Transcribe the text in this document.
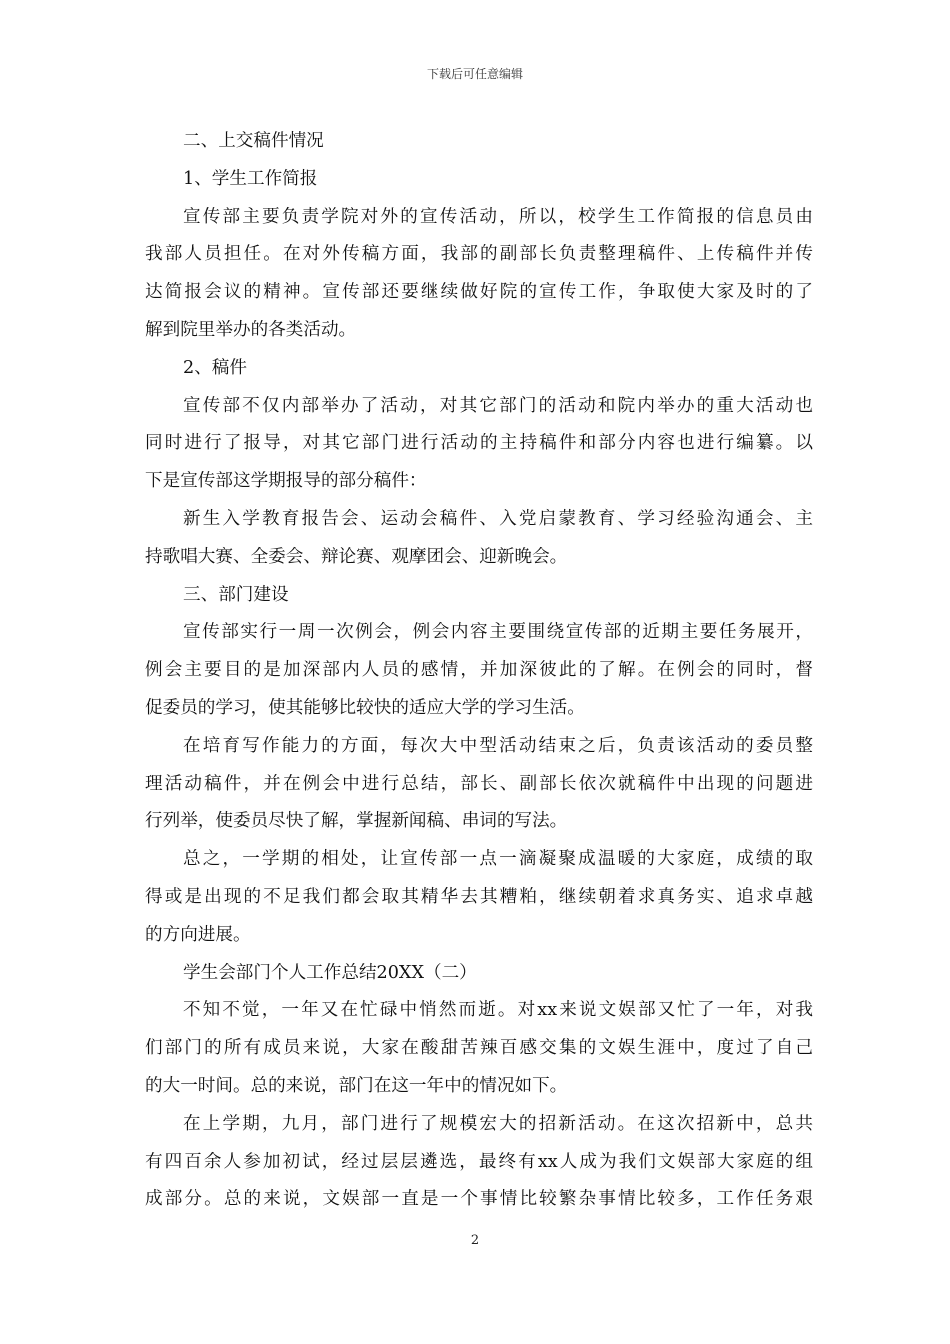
下载后可任意编辑
二、上交稿件情况
1、学生工作简报
宣传部主要负责学院对外的宣传活动，所以，校学生工作简报的信息员由
我部人员担任。在对外传稿方面，我部的副部长负责整理稿件、上传稿件并传
达简报会议的精神。宣传部还要继续做好院的宣传工作，争取使大家及时的了
解到院里举办的各类活动。
2、稿件
宣传部不仅内部举办了活动，对其它部门的活动和院内举办的重大活动也
同时进行了报导，对其它部门进行活动的主持稿件和部分内容也进行编纂。以
下是宣传部这学期报导的部分稿件：
新生入学教育报告会、运动会稿件、入党启蒙教育、学习经验沟通会、主
持歌唱大赛、全委会、辩论赛、观摩团会、迎新晚会。
三、部门建设
宣传部实行一周一次例会，例会内容主要围绕宣传部的近期主要任务展开，
例会主要目的是加深部内人员的感情，并加深彼此的了解。在例会的同时，督
促委员的学习，使其能够比较快的适应大学的学习生活。
在培育写作能力的方面，每次大中型活动结束之后，负责该活动的委员整
理活动稿件，并在例会中进行总结，部长、副部长依次就稿件中出现的问题进
行列举，使委员尽快了解，掌握新闻稿、串词的写法。
总之，一学期的相处，让宣传部一点一滴凝聚成温暖的大家庭，成绩的取
得或是出现的不足我们都会取其精华去其糟粕，继续朝着求真务实、追求卓越
的方向进展。
学生会部门个人工作总结20XX（二）
不知不觉，一年又在忙碌中悄然而逝。对xx来说文娱部又忙了一年，对我
们部门的所有成员来说，大家在酸甜苦辣百感交集的文娱生涯中，度过了自己
的大一时间。总的来说，部门在这一年中的情况如下。
在上学期，九月，部门进行了规模宏大的招新活动。在这次招新中，总共
有四百余人参加初试，经过层层遴选，最终有xx人成为我们文娱部大家庭的组
成部分。总的来说，文娱部一直是一个事情比较繁杂事情比较多，工作任务艰
2
